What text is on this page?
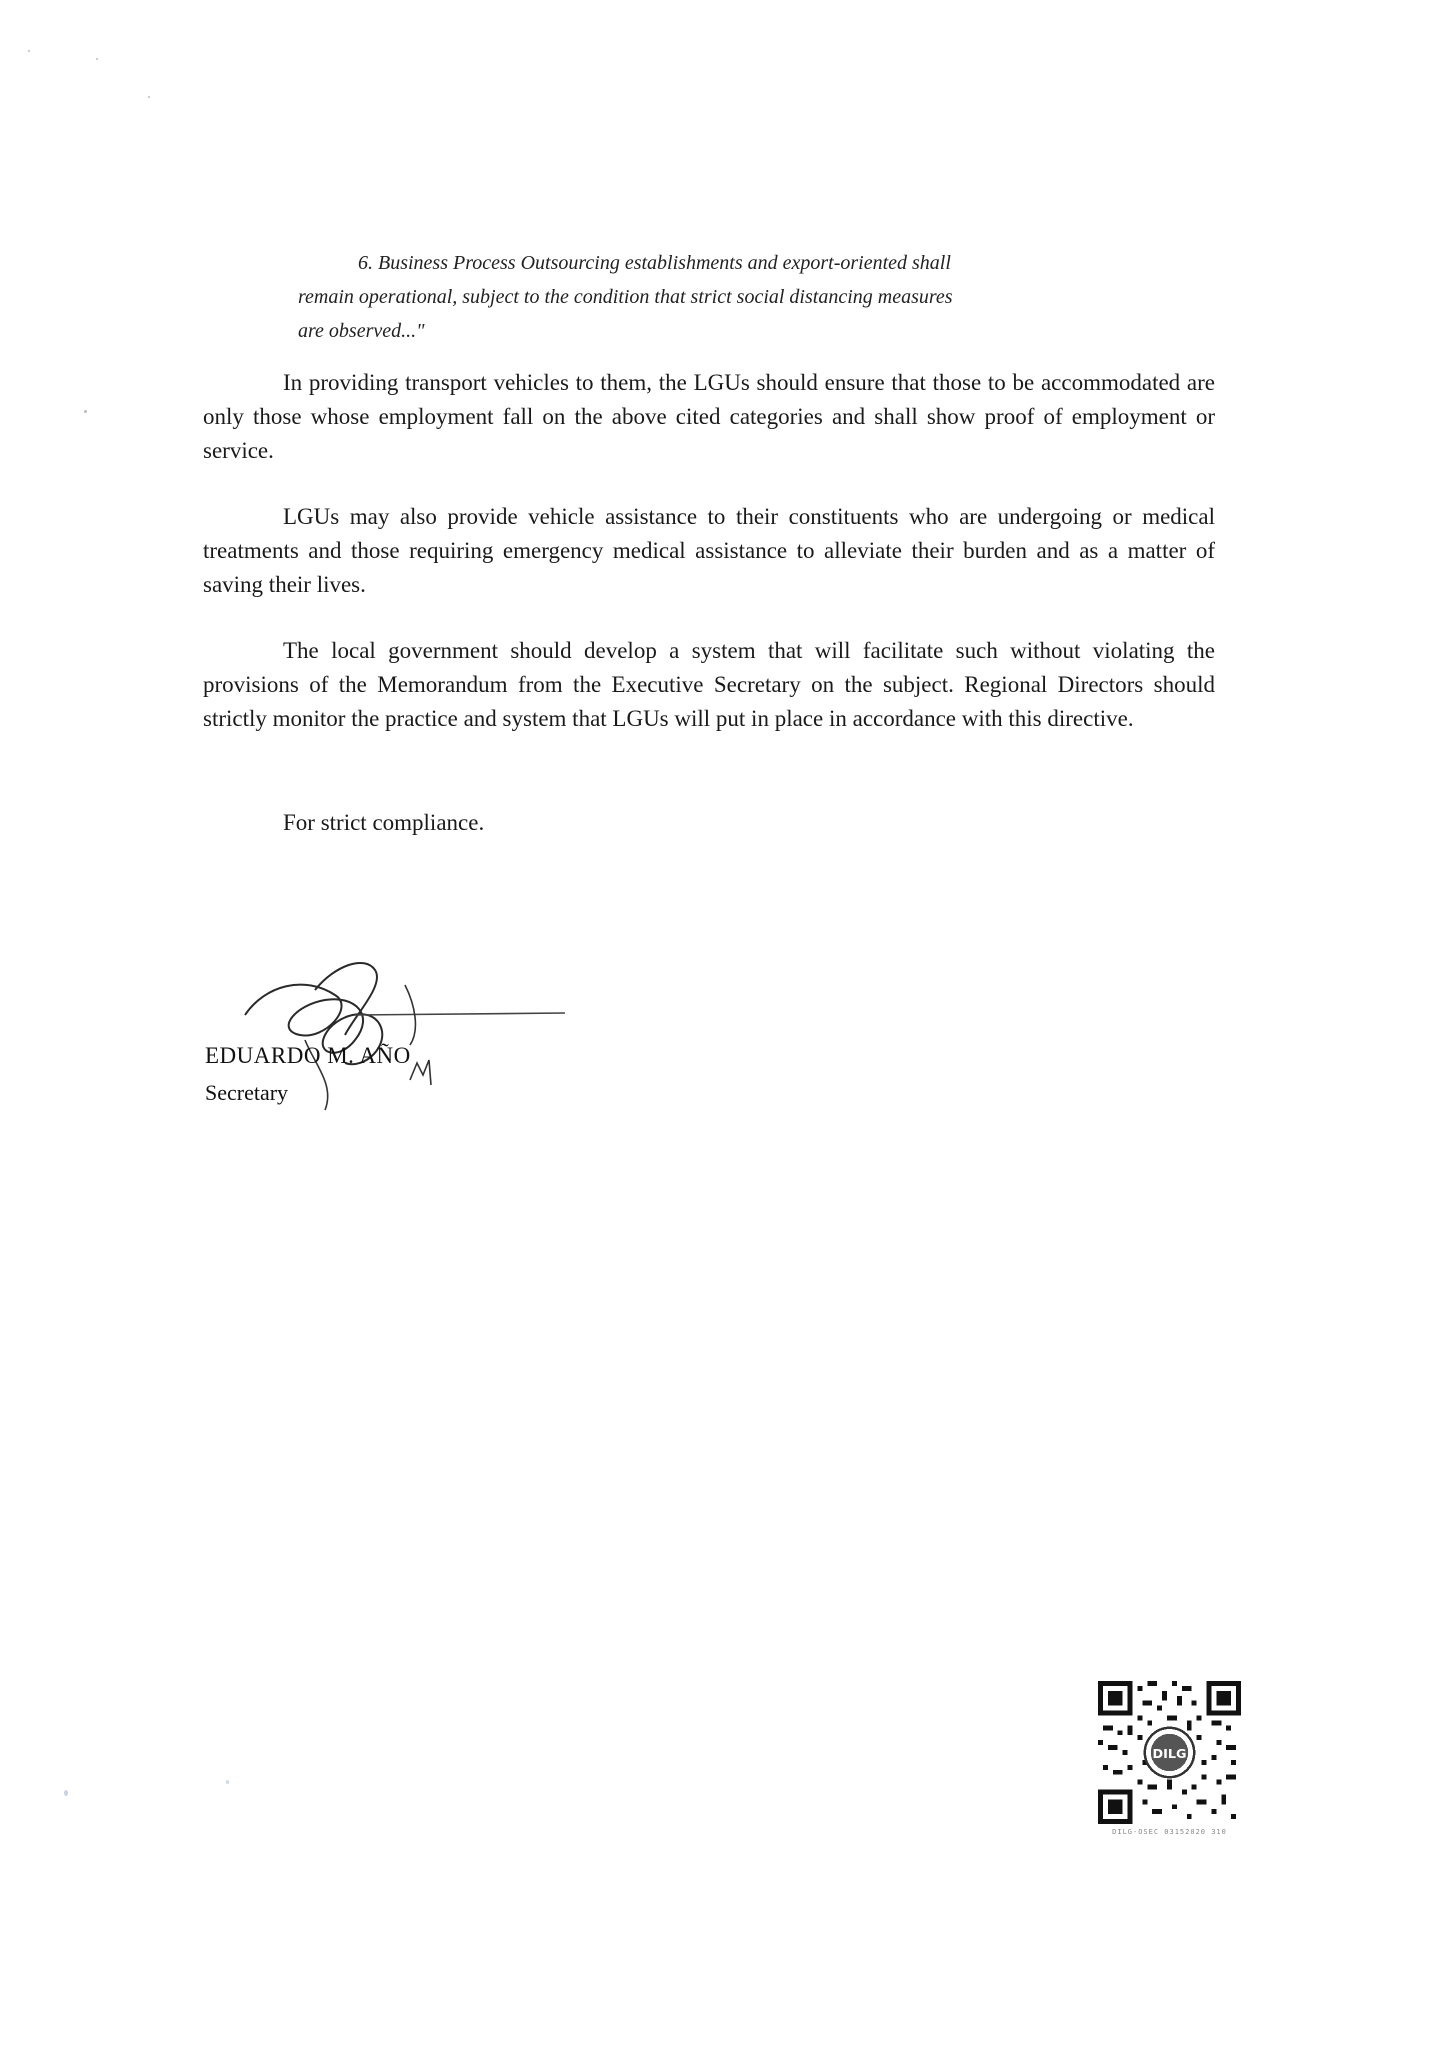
6. Business Process Outsourcing establishments and export-oriented shall
remain operational, subject to the condition that strict social distancing measures
are observed..."
In providing transport vehicles to them, the LGUs should ensure that those to be accommodated are only those whose employment fall on the above cited categories and shall show proof of employment or service.
LGUs may also provide vehicle assistance to their constituents who are undergoing or medical treatments and those requiring emergency medical assistance to alleviate their burden and as a matter of saving their lives.
The local government should develop a system that will facilitate such without violating the provisions of the Memorandum from the Executive Secretary on the subject. Regional Directors should strictly monitor the practice and system that LGUs will put in place in accordance with this directive.
For strict compliance.
EDUARDO M. AÑO
Secretary
DILG
DILG-OSEC 03152020 310
